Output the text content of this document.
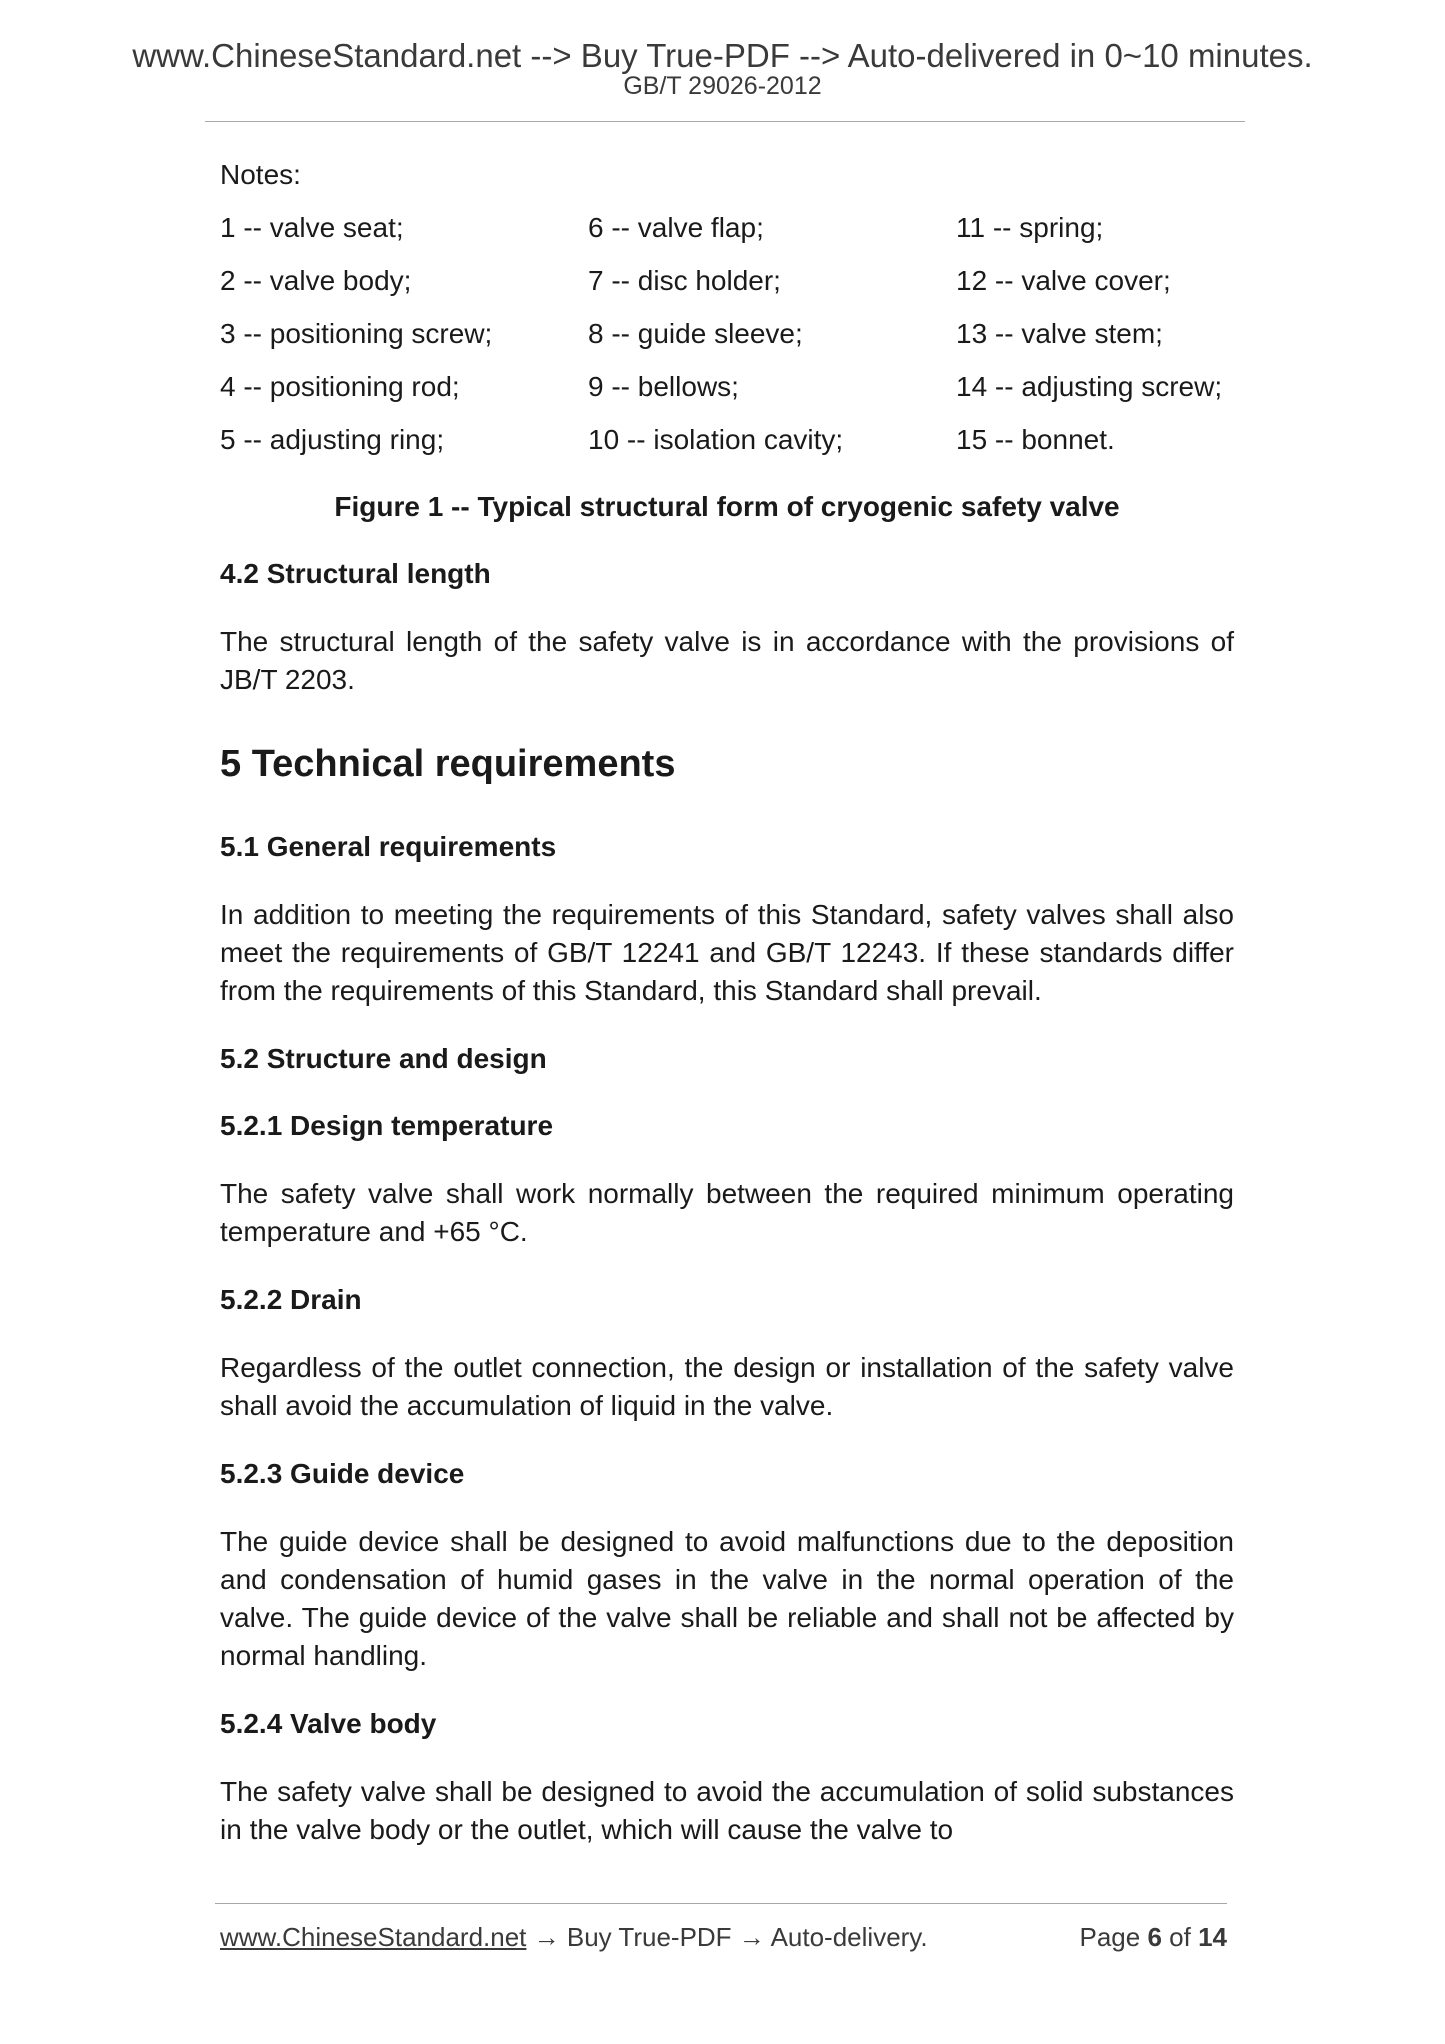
www.ChineseStandard.net --> Buy True-PDF --> Auto-delivered in 0~10 minutes.
GB/T 29026-2012
Notes:
1 -- valve seat;	6 -- valve flap;	11 -- spring;
2 -- valve body;	7 -- disc holder;	12 -- valve cover;
3 -- positioning screw;	8 -- guide sleeve;	13 -- valve stem;
4 -- positioning rod;	9 -- bellows;	14 -- adjusting screw;
5 -- adjusting ring;	10 -- isolation cavity;	15 -- bonnet.
Figure 1 -- Typical structural form of cryogenic safety valve
4.2 Structural length

The structural length of the safety valve is in accordance with the provisions of JB/T 2203.

5 Technical requirements
5.1 General requirements

In addition to meeting the requirements of this Standard, safety valves shall also meet the requirements of GB/T 12241 and GB/T 12243. If these standards differ from the requirements of this Standard, this Standard shall prevail.

5.2 Structure and design
5.2.1 Design temperature

The safety valve shall work normally between the required minimum operating temperature and +65 °C.

5.2.2 Drain

Regardless of the outlet connection, the design or installation of the safety valve shall avoid the accumulation of liquid in the valve.

5.2.3 Guide device

The guide device shall be designed to avoid malfunctions due to the deposition and condensation of humid gases in the valve in the normal operation of the valve. The guide device of the valve shall be reliable and shall not be affected by normal handling.

5.2.4 Valve body

The safety valve shall be designed to avoid the accumulation of solid substances in the valve body or the outlet, which will cause the valve to

www.ChineseStandard.net → Buy True-PDF → Auto-delivery.	Page 6 of 14
